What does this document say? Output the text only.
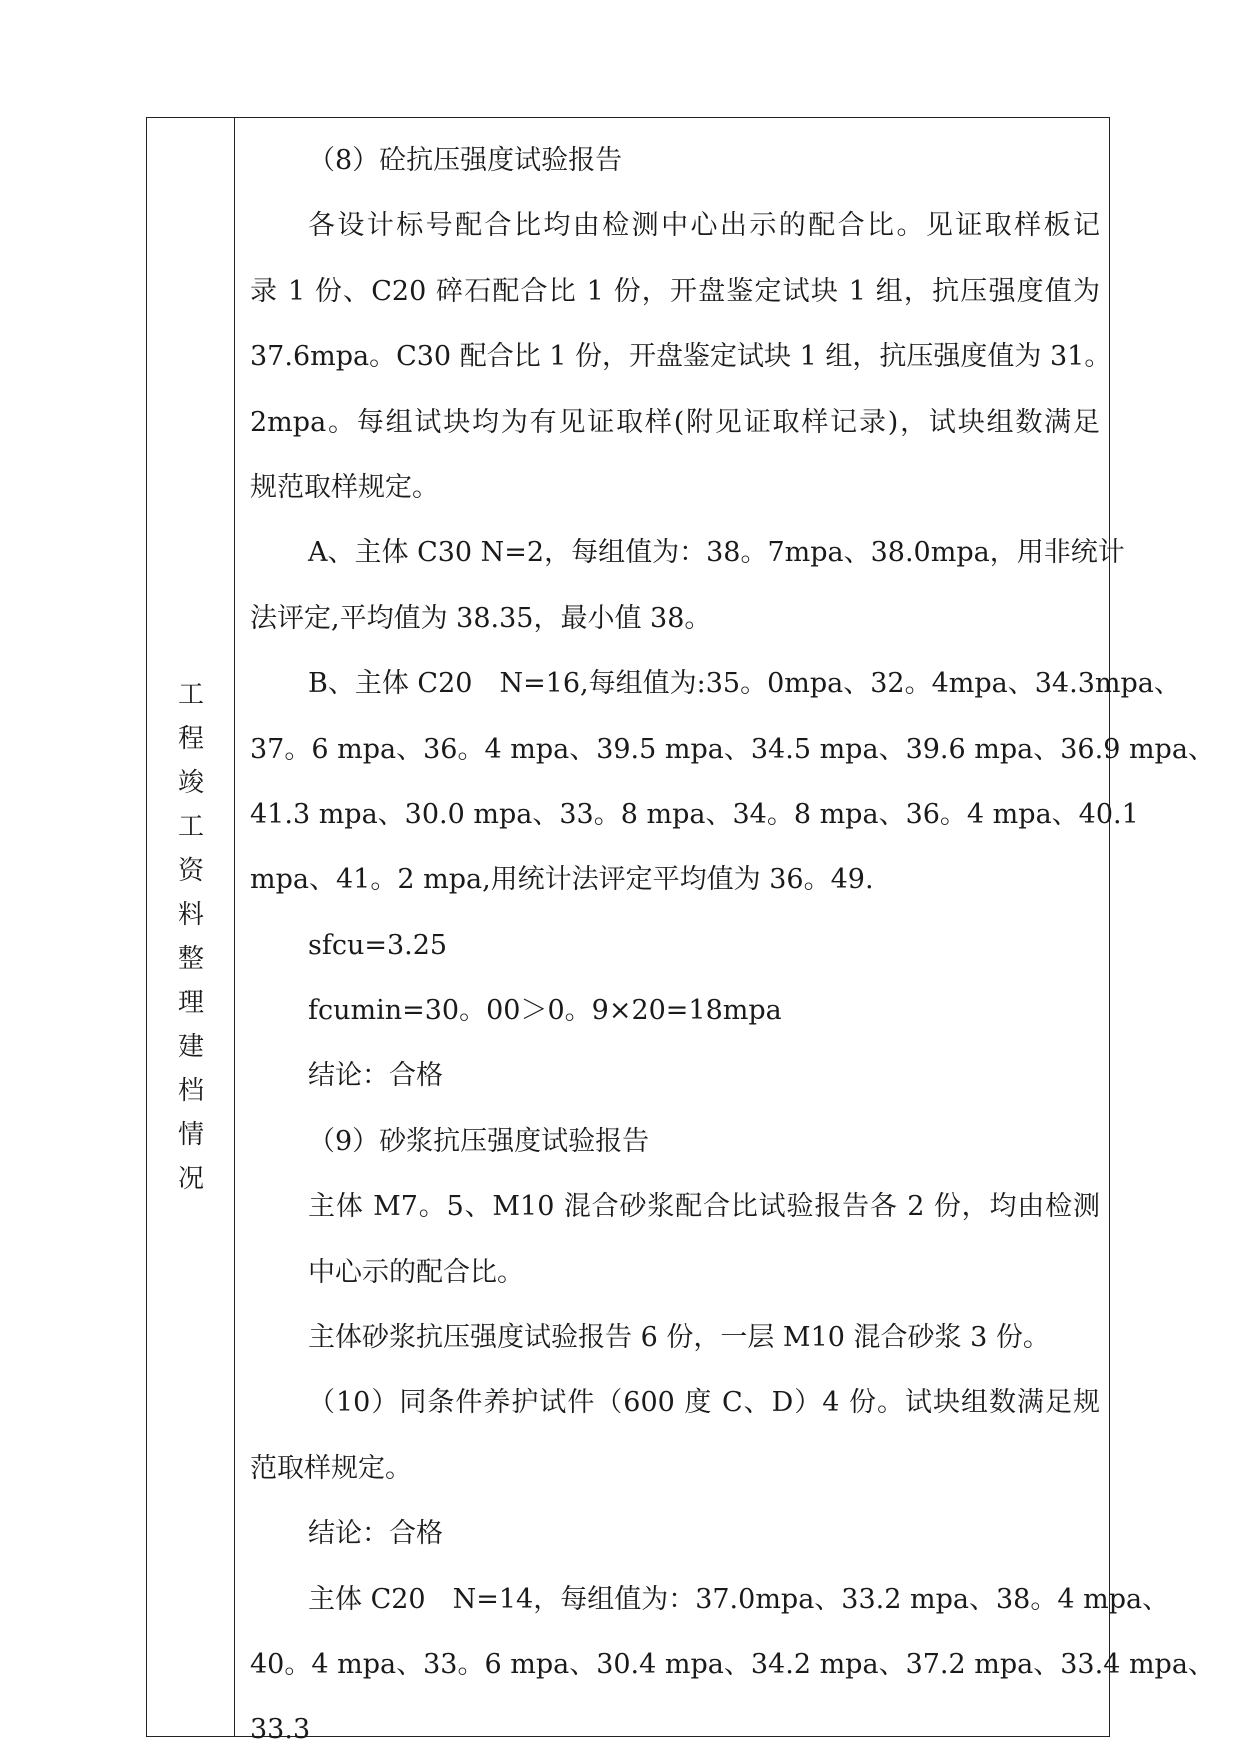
工
程
竣
工
资
料
整
理
建
档
情
况
（8）砼抗压强度试验报告
各设计标号配合比均由检测中心出示的配合比。见证取样板记
录 1 份、C20 碎石配合比 1 份，开盘鉴定试块 1 组，抗压强度值为
37.6mpa。C30 配合比 1 份，开盘鉴定试块 1 组，抗压强度值为 31。
2mpa。每组试块均为有见证取样(附见证取样记录)，试块组数满足
规范取样规定。
A、主体 C30 N=2，每组值为：38。7mpa、38.0mpa，用非统计
法评定,平均值为 38.35，最小值 38。
B、主体 C20　N=16,每组值为:35。0mpa、32。4mpa、34.3mpa、
37。6 mpa、36。4 mpa、39.5 mpa、34.5 mpa、39.6 mpa、36.9 mpa、
41.3 mpa、30.0 mpa、33。8 mpa、34。8 mpa、36。4 mpa、40.1
mpa、41。2 mpa,用统计法评定平均值为 36。49.
sfcu=3.25
fcumin=30。00＞0。9×20=18mpa
结论：合格
（9）砂浆抗压强度试验报告
主体 M7。5、M10 混合砂浆配合比试验报告各 2 份，均由检测
中心示的配合比。
主体砂浆抗压强度试验报告 6 份，一层 M10 混合砂浆 3 份。
（10）同条件养护试件（600 度 C、D）4 份。试块组数满足规
范取样规定。
结论：合格
主体 C20　N=14，每组值为：37.0mpa、33.2 mpa、38。4 mpa、
40。4 mpa、33。6 mpa、30.4 mpa、34.2 mpa、37.2 mpa、33.4 mpa、
33.3
